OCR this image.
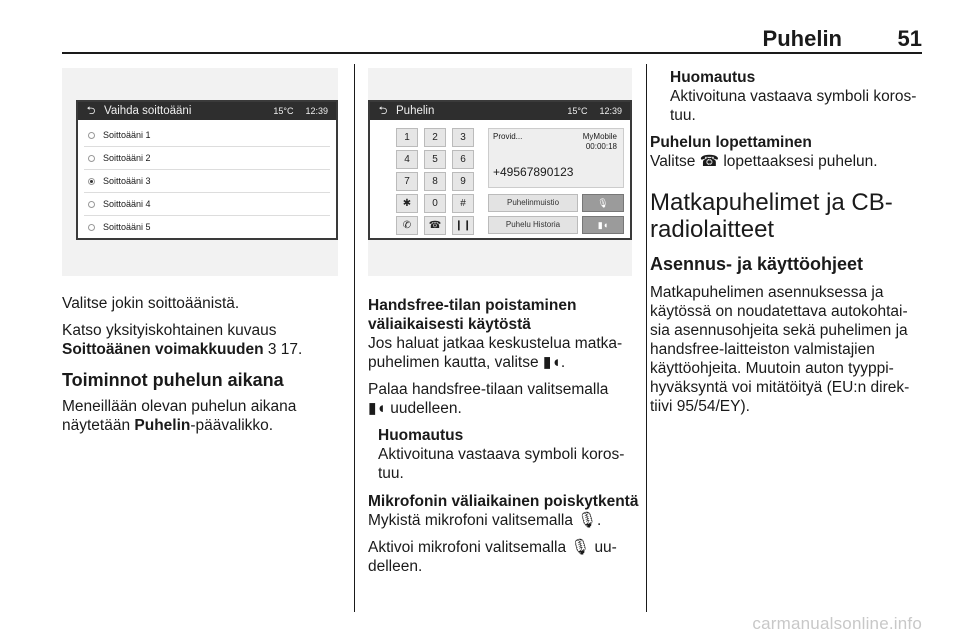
Puhelin	51
⮌ Vaihda soittoääni	15°C 12:39
Soittoääni 1
Soittoääni 2
Soittoääni 3
Soittoääni 4
Soittoääni 5
⮌ Puhelin	15°C 12:39
1	2	3
4	5	6
7	8	9
✱	0	#
✆	☎	❙❙
Provid...	MyMobile
00:00:18
+49567890123
Puhelinmuistio	🎙
Puhelu Historia	▮◖

Valitse jokin soittoäänistä.

Katso yksityiskohtainen kuvaus

Soittoäänen voimakkuuden 3 17.

Toiminnot puhelun aikana

Meneillään olevan puhelun aikana

näytetään Puhelin-päävalikko.

Handsfree-tilan poistaminen

väliaikaisesti käytöstä

Jos haluat jatkaa keskustelua matka-

puhelimen kautta, valitse ▮◖.

Palaa handsfree-tilaan valitsemalla

▮◖ uudelleen.

Huomautus

Aktivoituna vastaava symboli koros-

tuu.

Mikrofonin väliaikainen poiskytkentä

Mykistä mikrofoni valitsemalla 🎙.

Aktivoi mikrofoni valitsemalla 🎙 uu-

delleen.

Huomautus

Aktivoituna vastaava symboli koros-

tuu.

Puhelun lopettaminen

Valitse ☎ lopettaaksesi puhelun.

Matkapuhelimet ja CB-

radiolaitteet

Asennus- ja käyttöohjeet

Matkapuhelimen asennuksessa ja

käytössä on noudatettava autokohtai-

sia asennusohjeita sekä puhelimen ja

handsfree-laitteiston valmistajien

käyttöohjeita. Muutoin auton tyyppi-

hyväksyntä voi mitätöityä (EU:n direk-

tiivi 95/54/EY).

carmanualsonline.info
